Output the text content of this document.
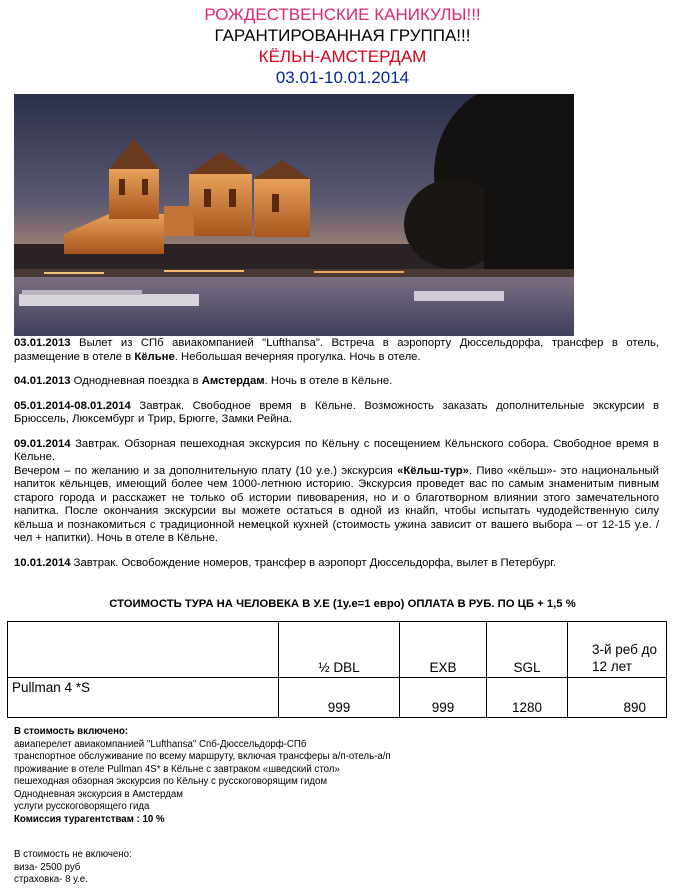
РОЖДЕСТВЕНСКИЕ КАНИКУЛЫ!!!
ГАРАНТИРОВАННАЯ ГРУППА!!!
КЁЛЬН-АМСТЕРДАМ
03.01-10.01.2014

03.01.2013 Вылет из СПб авиакомпанией "Lufthansa". Встреча в аэропорту Дюссельдорфа, трансфер в отель, размещение в отеле в Кёльне. Небольшая вечерняя прогулка. Ночь в отеле.

04.01.2013 Однодневная поездка в Амстердам. Ночь в отеле в Кёльне.

05.01.2014-08.01.2014 Завтрак. Свободное время в Кёльне. Возможность заказать дополнительные экскурсии в Брюссель, Люксембург и Трир, Брюгге, Замки Рейна.

09.01.2014 Завтрак. Обзорная пешеходная экскурсия по Кёльну с посещением Кёльнского собора. Свободное время в Кёльне.

Вечером – по желанию и за дополнительную плату (10 у.е.) экскурсия «Кёльш-тур». Пиво «кёльш»- это национальный напиток кёльнцев, имеющий более чем 1000-летнюю историю. Экскурсия проведет вас по самым знаменитым пивным старого города и расскажет не только об истории пивоварения, но и о благотворном влиянии этого замечательного напитка. После окончания экскурсии вы можете остаться в одной из кнайп, чтобы испытать чудодейственную силу кёльша и познакомиться с традиционной немецкой кухней (стоимость ужина зависит от вашего выбора – от 12-15 у.е. / чел + напитки). Ночь в отеле в Кёльне.

10.01.2014 Завтрак. Освобождение номеров, трансфер в аэропорт Дюссельдорфа, вылет в Петербург.

СТОИМОСТЬ ТУРА НА ЧЕЛОВЕКА В У.Е (1у.е=1 евро) ОПЛАТА В РУБ. ПО ЦБ + 1,5 %
	½ DBL	EXB	SGL	3-й реб до 12 лет
Pullman 4 *S	999	999	1280	890
В стоимость включено:
авиаперелет авиакомпанией "Lufthansa" Спб-Дюссельдорф-СПб
транспортное обслуживание по всему маршруту, включая трансферы а/п-отель-а/п
проживание в отеле Pullman 4S* в Кёльне с завтраком «шведский стол»
пешеходная обзорная экскурсия по Кёльну с русскоговорящим гидом
Однодневная экскурсия в Амстердам
услуги русскоговорящего гида
Комиссия турагентствам : 10 %
В стоимость не включено:
виза- 2500 руб
страховка- 8 у.е.
